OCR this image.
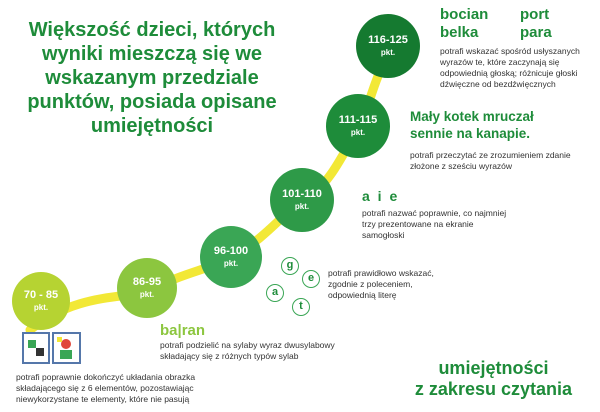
Większość dzieci, których wyniki mieszczą się we wskazanym przedziale punktów, posiada opisane umiejętności
70 - 85
pkt.
86-95
pkt.
96-100
pkt.
101-110
pkt.
111-115
pkt.
116-125
pkt.
bocian port
belka	para
potrafi wskazać spośród usłyszanych wyrazów te, które zaczynają się odpowiednią głoską; różnicuje głoski dźwięczne od bezdźwięcznych
Mały kotek mruczał sennie na kanapie.
potrafi przeczytać ze zrozumieniem zdanie złożone z sześciu wyrazów
a i e
potrafi nazwać poprawnie, co najmniej trzy prezentowane na ekranie samogłoski
g
e
a
t
potrafi prawidłowo wskazać, zgodnie z poleceniem, odpowiednią literę
ba|ran
potrafi podzielić na sylaby wyraz dwusylabowy składający się z różnych typów sylab
potrafi poprawnie dokończyć układania obrazka składającego się z 6 elementów, pozostawiając niewykorzystane te elementy, które nie pasują
umiejętności
z zakresu czytania
